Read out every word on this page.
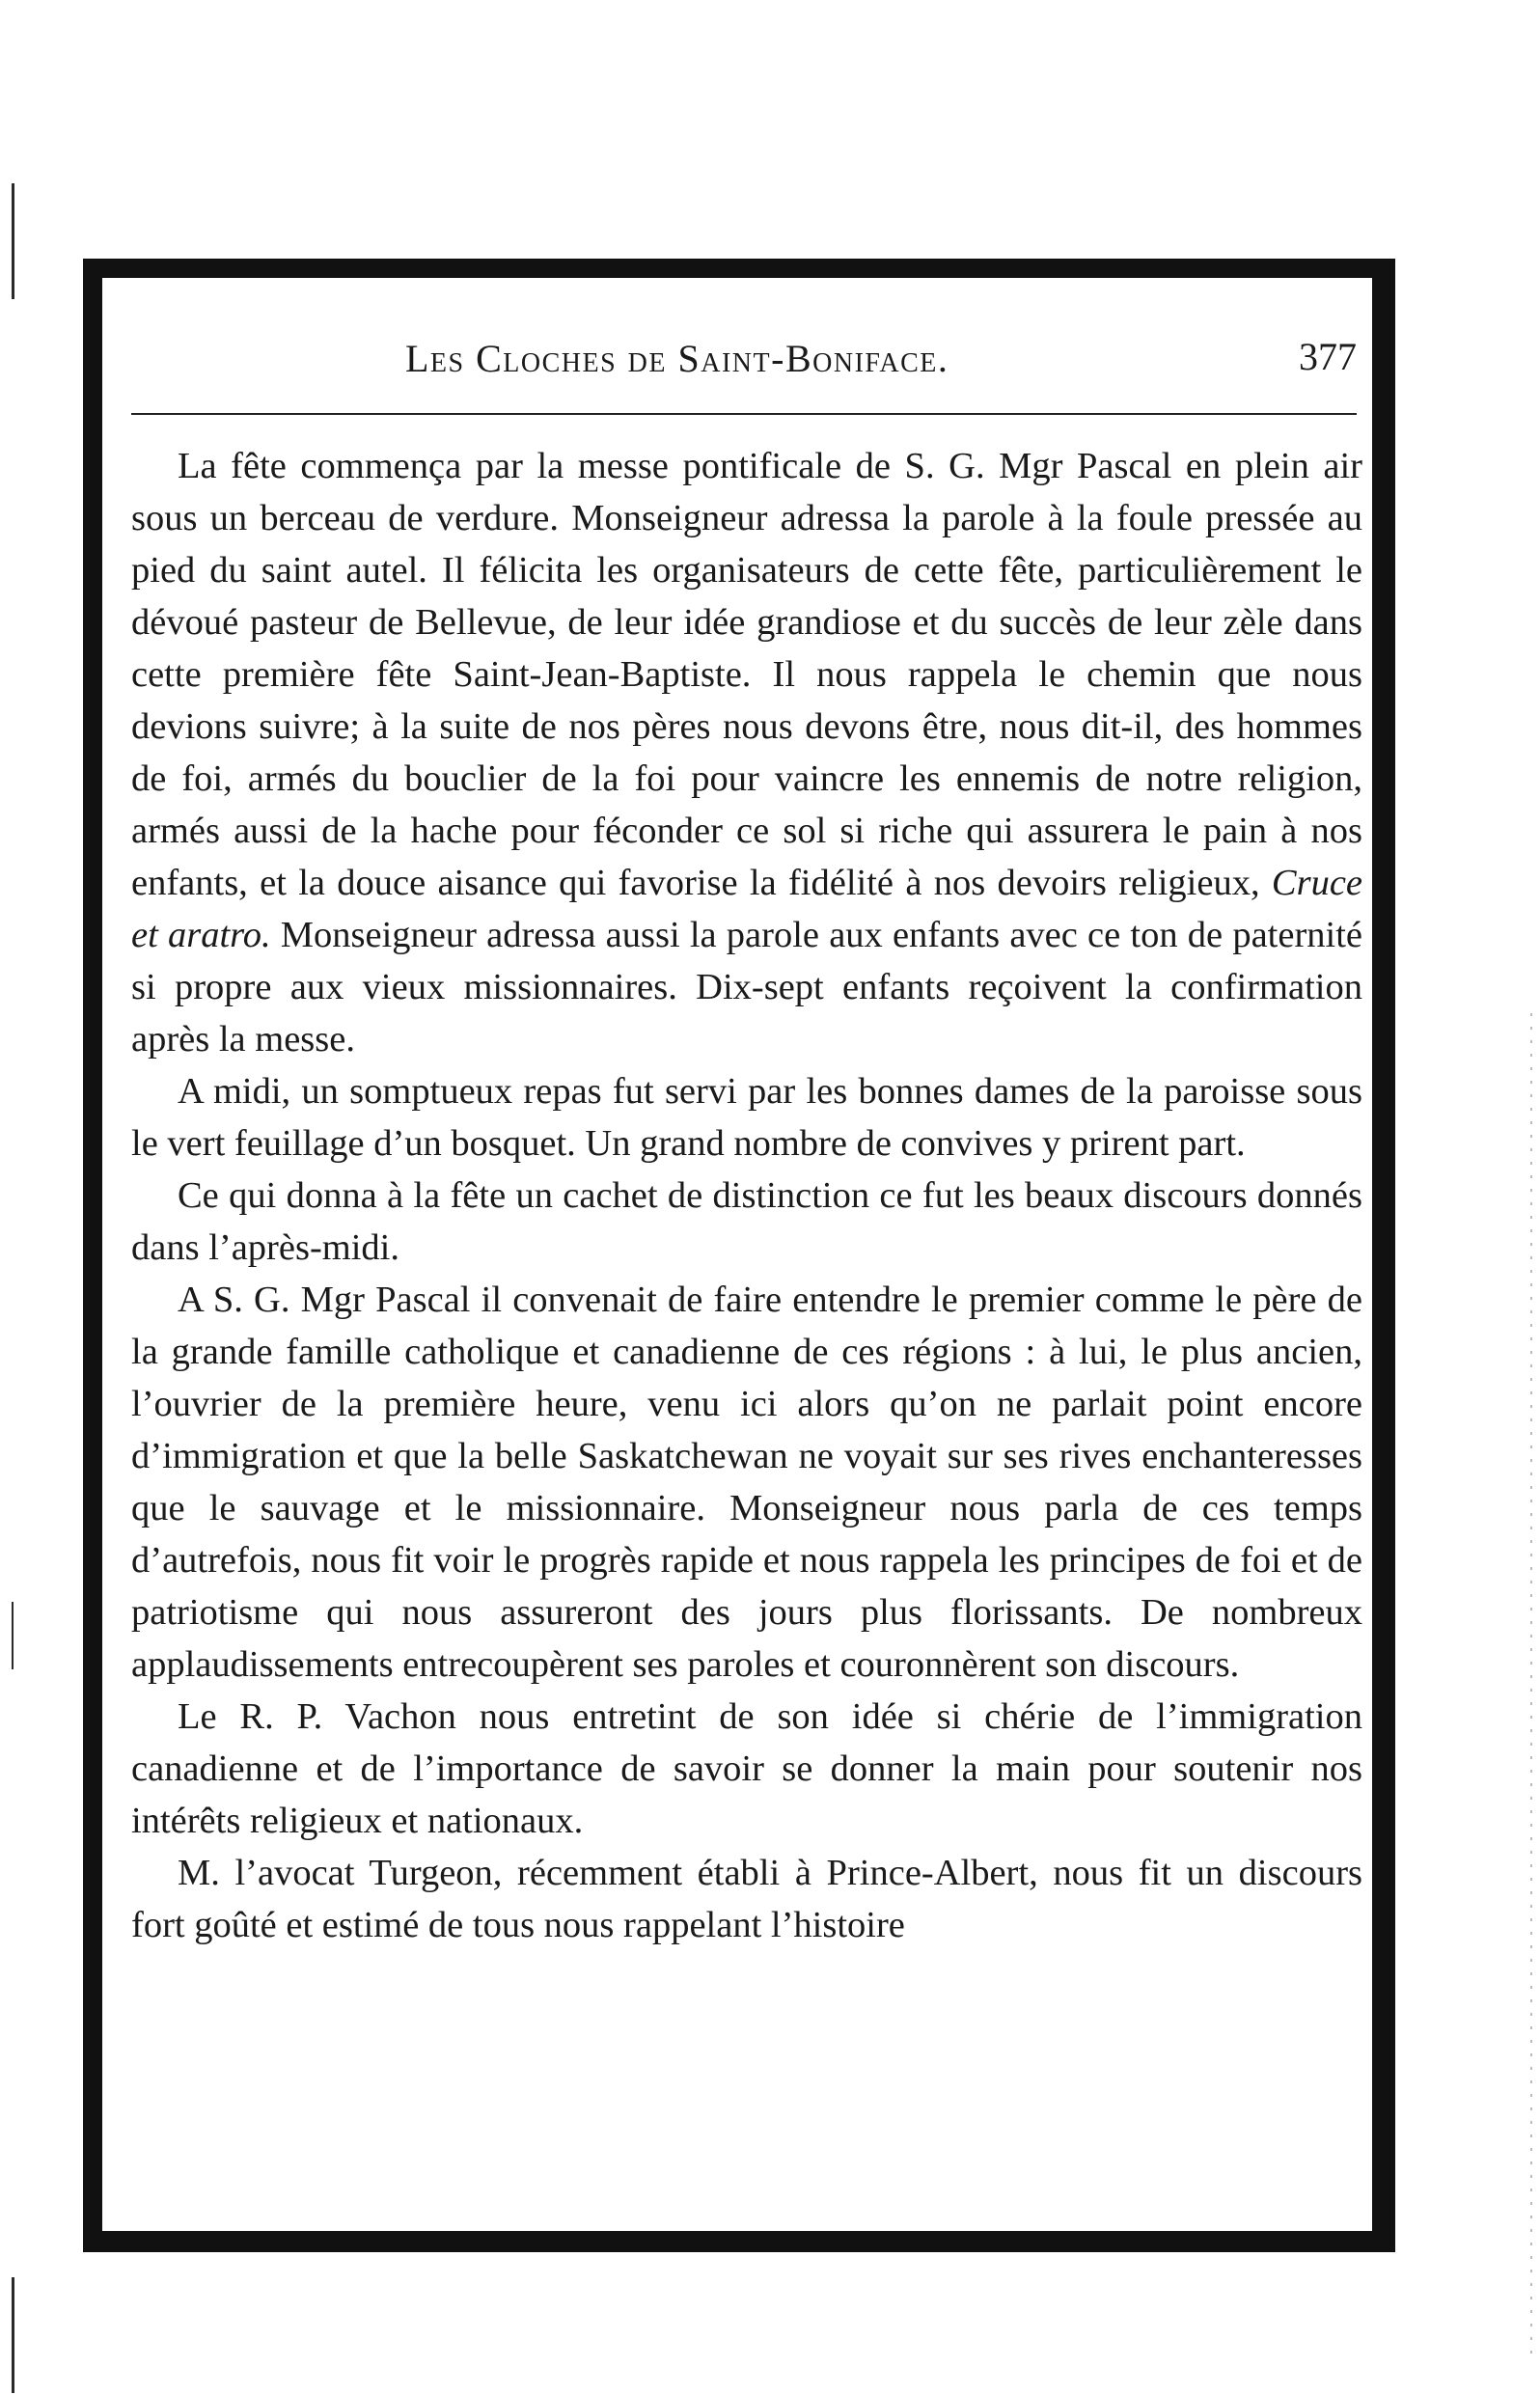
Les Cloches de Saint-Boniface.	377

La fête commença par la messe pontificale de S. G. Mgr Pascal en plein air sous un berceau de verdure. Monseigneur adressa la parole à la foule pressée au pied du saint autel. Il félicita les organisateurs de cette fête, particulièrement le dévoué pasteur de Bellevue, de leur idée grandiose et du succès de leur zèle dans cette première fête Saint-Jean-Baptiste. Il nous rappela le chemin que nous devions suivre; à la suite de nos pères nous devons être, nous dit-il, des hommes de foi, armés du bouclier de la foi pour vaincre les ennemis de notre religion, armés aussi de la hache pour féconder ce sol si riche qui assurera le pain à nos enfants, et la douce aisance qui favorise la fidélité à nos devoirs religieux, Cruce et aratro. Monseigneur adressa aussi la parole aux enfants avec ce ton de paternité si propre aux vieux missionnaires. Dix-sept enfants reçoivent la confirmation après la messe.

A midi, un somptueux repas fut servi par les bonnes dames de la paroisse sous le vert feuillage d’un bosquet. Un grand nombre de convives y prirent part.

Ce qui donna à la fête un cachet de distinction ce fut les beaux discours donnés dans l’après-midi.

A S. G. Mgr Pascal il convenait de faire entendre le premier comme le père de la grande famille catholique et canadienne de ces régions : à lui, le plus ancien, l’ouvrier de la première heure, venu ici alors qu’on ne parlait point encore d’immigration et que la belle Saskatchewan ne voyait sur ses rives enchanteresses que le sauvage et le missionnaire. Monseigneur nous parla de ces temps d’autrefois, nous fit voir le progrès rapide et nous rappela les principes de foi et de patriotisme qui nous assureront des jours plus florissants. De nombreux applaudissements entrecoupèrent ses paroles et couronnèrent son discours.

Le R. P. Vachon nous entretint de son idée si chérie de l’immigration canadienne et de l’importance de savoir se donner la main pour soutenir nos intérêts religieux et nationaux.

M. l’avocat Turgeon, récemment établi à Prince-Albert, nous fit un discours fort goûté et estimé de tous nous rappelant l’histoire
